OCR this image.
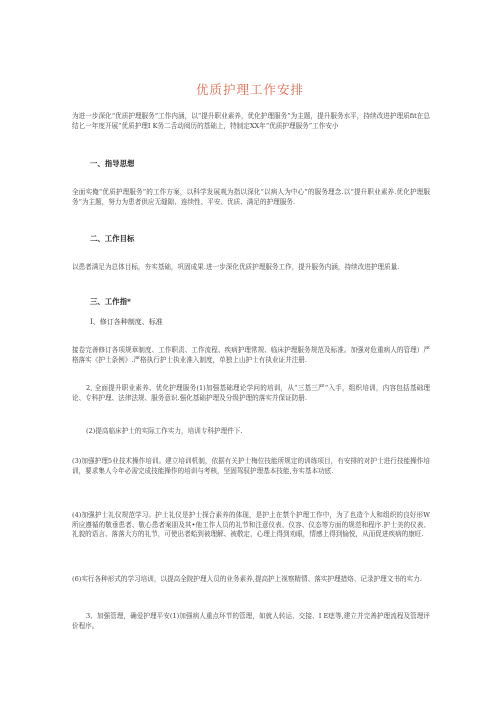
优质护理工作安排
为进一步深化“优质护理服务”工作内涵，以“提升职业素养，优化护理服务”为主题，提升服务水平，持续改进护理质fit在总结匕一年度开展“优质护理I K务二舌动阅历的基础上，特制定XX年“优质护理服务”工作安小
一、指导思想
全面实俺“优质护理服务”的工作方案，以科学发展观为指以深化“以病人为中心”的服务理念.以“提升职业素养.优化护理服务”为主题，努力为患者供应无缝隙、连续性、平安、优质、满足的护理服务.
二、工作目标
以患者满足为总体目标，夯实基础，巩固成果.进一步深化优质护理服务工作，提升服务内涵，持续改进护理质量.
三、工作指*
I、修订各种制度、标准
接卷完善修订各项规章制度、工作职责、工作流程、疾病护理常规、临床护理服务规范及标准。加强对危重病人的管理）严格落实《护士条例》.严格执行护士执业准入制度，单独上山护士有执业证并注册.
2, 全面提升职业素养、优化护理服务(1)加强基础理论学问的培训，从“三基三严”入手，组织培训，内容包括基础理论、专科护理、法律法规、服务意识.强化基础护理及分级护理的落实并保证防册.
(2)提高临床护士的实际工作实力，培训专科护理件下.
(3)加强护理5业技术操作培训。建立培训机制，依据有关护士梅位技能所规定的训练项目，有安排的对护士进行技能操作培训，要求集人今年必需完成技能操作的培训与考核，坚固驾驭护理基本技能,夯实基本功底.
(4)加强护士礼仪规范学习。护士礼仪是护士探合素养的体现，是护上在禁个护理工作中，为了也造个人和组织的良好形W所应遵循的敬垂患者、敬心患者案朋及其•他工作人员的礼节和注意仪表、仪容、仪态等方面的规范和程序.护士美的仪表、礼貌的语言、落落大方的礼节，可使出者蛤到被理解、被敬定，心理上得到劝眼，情感上得到愉悦，从而促进疾病的康旺.
(6)实行各种形式的学习培训，以提高全院护理人员的业务素养,提高护上视察精情、落实护理措烙、记录护理文书的实力.
3、加强管理，确爱护理平安(1)加强病人重点环节的管理，如就人转运、交接、I E痣等,建立并完善护理流程及管理评价程序。
